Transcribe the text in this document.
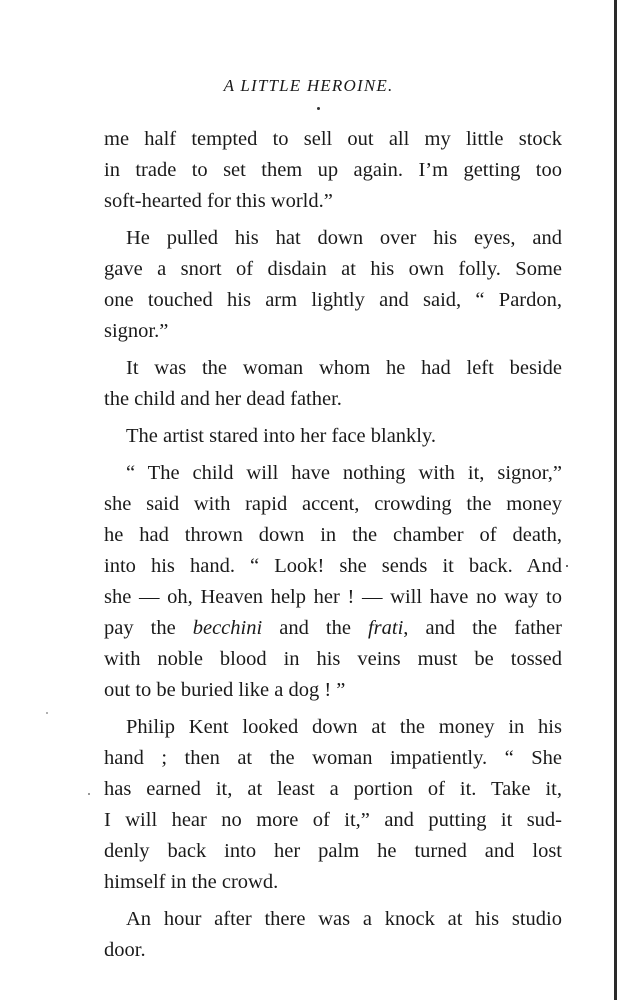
A LITTLE HEROINE.
me half tempted to sell out all my little stock
in trade to set them up again. I’m getting too
soft-hearted for this world.”
He pulled his hat down over his eyes, and
gave a snort of disdain at his own folly. Some
one touched his arm lightly and said, “ Pardon,
signor.”
It was the woman whom he had left beside
the child and her dead father.
The artist stared into her face blankly.
“ The child will have nothing with it, signor,”
she said with rapid accent, crowding the money
he had thrown down in the chamber of death,
into his hand. “ Look! she sends it back. And
she — oh, Heaven help her ! — will have no way to
pay the becchini and the frati, and the father
with noble blood in his veins must be tossed
out to be buried like a dog ! ”
Philip Kent looked down at the money in his
hand ; then at the woman impatiently. “ She
has earned it, at least a portion of it. Take it,
I will hear no more of it,” and putting it sud-
denly back into her palm he turned and lost
himself in the crowd.
An hour after there was a knock at his studio
door.
